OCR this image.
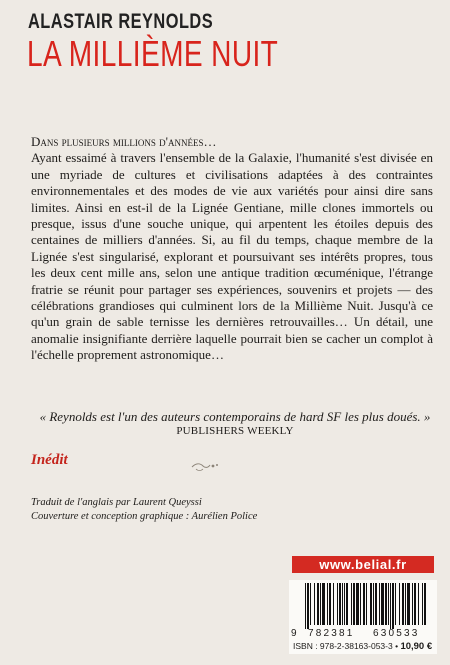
ALASTAIR REYNOLDS
LA MILLIÈME NUIT

Dans plusieurs millions d'années…

Ayant essaimé à travers l'ensemble de la Galaxie, l'humanité s'est divisée en une myriade de cultures et civilisations adaptées à des contraintes environnementales et des modes de vie aux variétés pour ainsi dire sans limites. Ainsi en est-il de la Lignée Gentiane, mille clones immortels ou presque, issus d'une souche unique, qui arpentent les étoiles depuis des centaines de milliers d'années. Si, au fil du temps, chaque membre de la Lignée s'est singularisé, explorant et poursuivant ses intérêts propres, tous les deux cent mille ans, selon une antique tradition œcuménique, l'étrange fratrie se réunit pour partager ses expériences, souvenirs et projets — des célébrations grandioses qui culminent lors de la Millième Nuit. Jusqu'à ce qu'un grain de sable ternisse les dernières retrouvailles… Un détail, une anomalie insignifiante derrière laquelle pourrait bien se cacher un complot à l'échelle proprement astronomique…

« Reynolds est l'un des auteurs contemporains de hard SF les plus doués. »
PUBLISHERS WEEKLY
Inédit
Traduit de l'anglais par Laurent Queyssi
Couverture et conception graphique : Aurélien Police
www.belial.fr
9 782381 630533
ISBN : 978-2-38163-053-3 • 10,90 €
